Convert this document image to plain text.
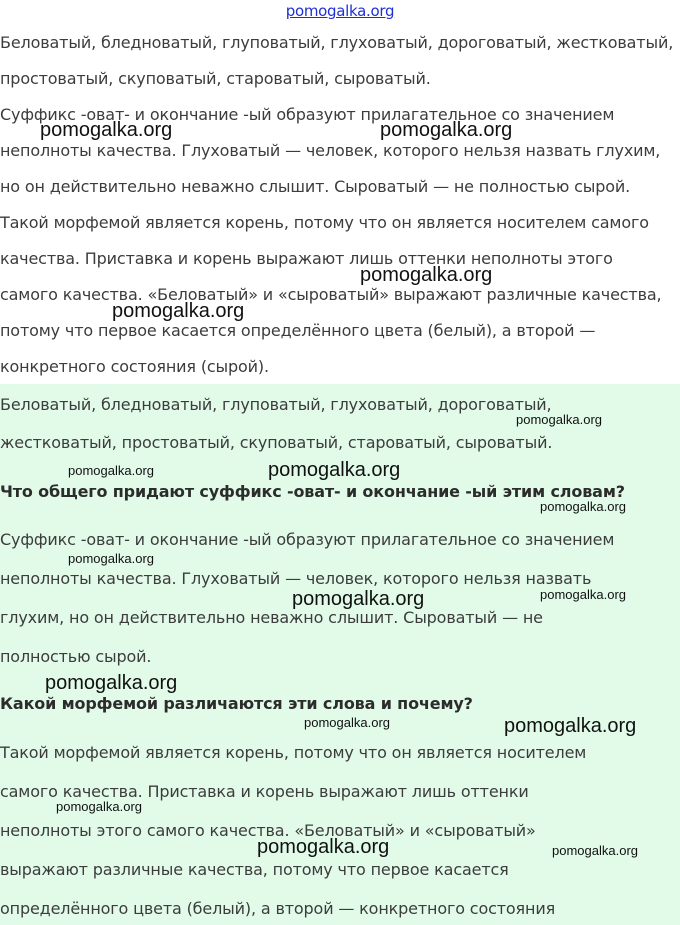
pomogalka.org
Беловатый, бледноватый, глуповатый, глуховатый, дороговатый, жестковатый,
простоватый, скуповатый, староватый, сыроватый.
Суффикс -оват- и окончание -ый образуют прилагательное со значением
неполноты качества. Глуховатый — человек, которого нельзя назвать глухим,
но он действительно неважно слышит. Сыроватый — не полностью сырой.
Такой морфемой является корень, потому что он является носителем самого
качества. Приставка и корень выражают лишь оттенки неполноты этого
самого качества. «Беловатый» и «сыроватый» выражают различные качества,
потому что первое касается определённого цвета (белый), а второй —
конкретного состояния (сырой).
Беловатый, бледноватый, глуповатый, глуховатый, дороговатый,
жестковатый, простоватый, скуповатый, староватый, сыроватый.
Что общего придают суффикс -оват- и окончание -ый этим словам?
Суффикс -оват- и окончание -ый образуют прилагательное со значением
неполноты качества. Глуховатый — человек, которого нельзя назвать
глухим, но он действительно неважно слышит. Сыроватый — не
полностью сырой.
Какой морфемой различаются эти слова и почему?
Такой морфемой является корень, потому что он является носителем
самого качества. Приставка и корень выражают лишь оттенки
неполноты этого самого качества. «Беловатый» и «сыроватый»
выражают различные качества, потому что первое касается
определённого цвета (белый), а второй — конкретного состояния
pomogalka.org	pomogalka.org
pomogalka.org
pomogalka.org
pomogalka.org
pomogalka.org	pomogalka.org
pomogalka.org
pomogalka.org
pomogalka.org
pomogalka.org
pomogalka.org
pomogalka.org	pomogalka.org
pomogalka.org
pomogalka.org	pomogalka.org
